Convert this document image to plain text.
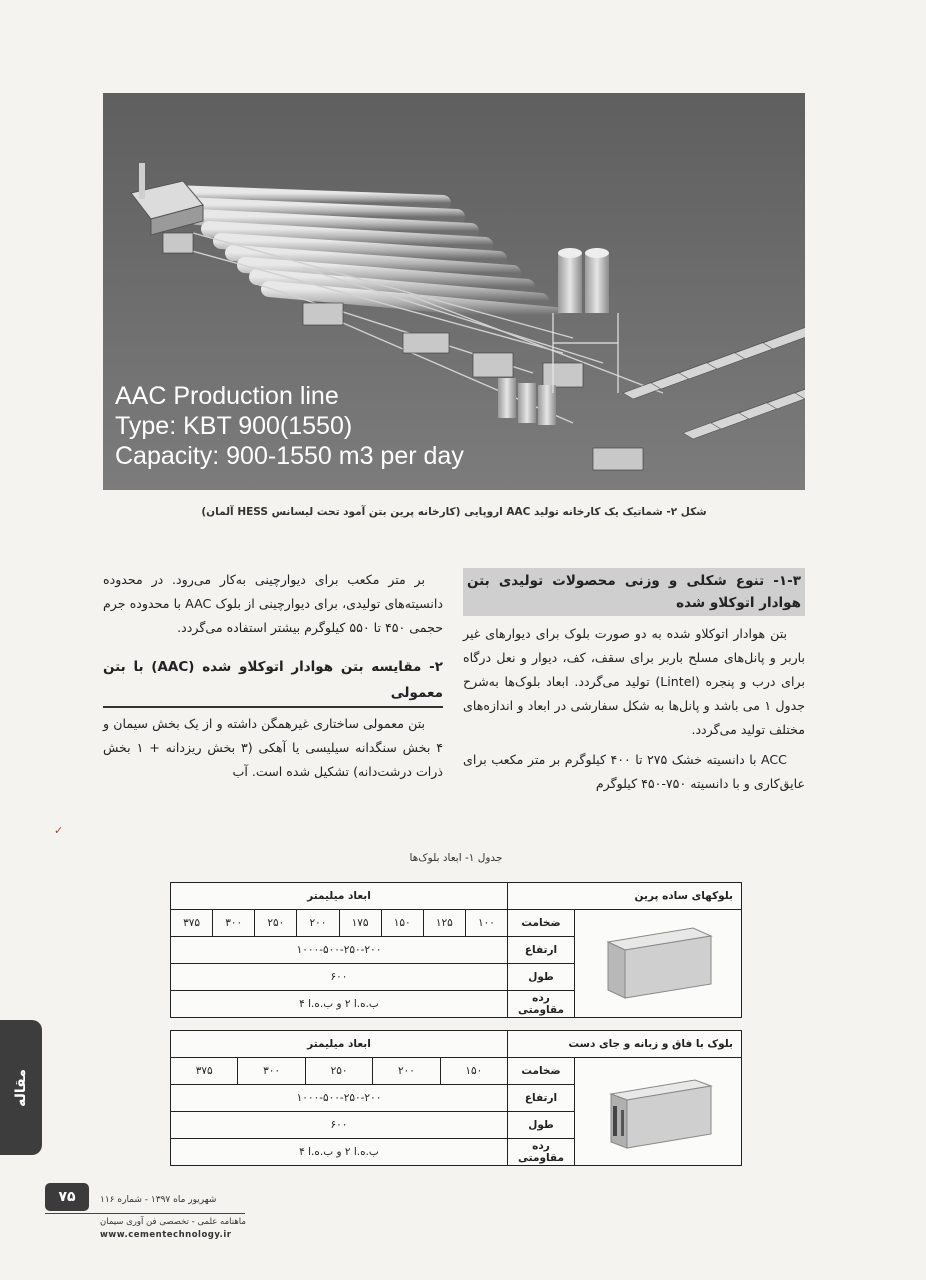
AAC Production line
Type: KBT 900(1550)
Capacity: 900-1550 m3 per day
شکل ۲- شماتیک یک کارخانه تولید AAC اروپایی (کارخانه پرین بتن آمود تحت لیسانس HESS آلمان)
۱-۳- تنوع شکلی و وزنی محصولات تولیدی بتن هوادار اتوکلاو شده

بتن هوادار اتوکلاو شده به دو صورت بلوک برای دیوارهای غیر باربر و پانل‌های مسلح باربر برای سقف، کف، دیوار و نعل درگاه برای درب و پنجره (Lintel) تولید می‌گردد. ابعاد بلوک‌ها به‌شرح جدول ۱ می باشد و پانل‌ها به شکل سفارشی در ابعاد و اندازه‌های مختلف تولید می‌گردد.

ACC با دانسیته خشک ۲۷۵ تا ۴۰۰ کیلوگرم بر متر مکعب برای عایق‌کاری و با دانسیته ۷۵۰-۴۵۰ کیلوگرم

بر متر مکعب برای دیوارچینی به‌کار می‌رود. در محدوده دانسیته‌های تولیدی، برای دیوارچینی از بلوک AAC با محدوده جرم حجمی ۴۵۰ تا ۵۵۰ کیلوگرم بیشتر استفاده می‌گردد.

۲- مقایسه بتن هوادار اتوکلاو شده (AAC) با بتن معمولی

بتن معمولی ساختاری غیرهمگن داشته و از یک بخش سیمان و ۴ بخش سنگدانه سیلیسی یا آهکی (۳ بخش ریزدانه + ۱ بخش ذرات درشت‌دانه) تشکیل شده است. آب

✓
جدول ۱- ابعاد بلوک‌ها
بلوکهای ساده پرین		ابعاد میلیمتر							
	ضخامت	۱۰۰	۱۲۵	۱۵۰	۱۷۵	۲۰۰	۲۵۰	۳۰۰	۳۷۵
	ارتفاع	۱۰۰۰-۵۰۰-۲۵۰-۲۰۰							
	طول	۶۰۰							
	رده مقاومتی	ب.ه.ا ۲ و ب.ه.ا ۴							
بلوک با فاق و زبانه و جای دست		ابعاد میلیمتر				
	ضخامت	۱۵۰	۲۰۰	۲۵۰	۳۰۰	۳۷۵
	ارتفاع	۱۰۰۰-۵۰۰-۲۵۰-۲۰۰				
	طول	۶۰۰				
	رده مقاومتی	ب.ه.ا ۲ و ب.ه.ا ۴				
مقاله
۷۵	شهریور ماه ۱۳۹۷ - شماره ۱۱۶
ماهنامه علمی - تخصصی فن آوری سیمان
www.cementechnology.ir
